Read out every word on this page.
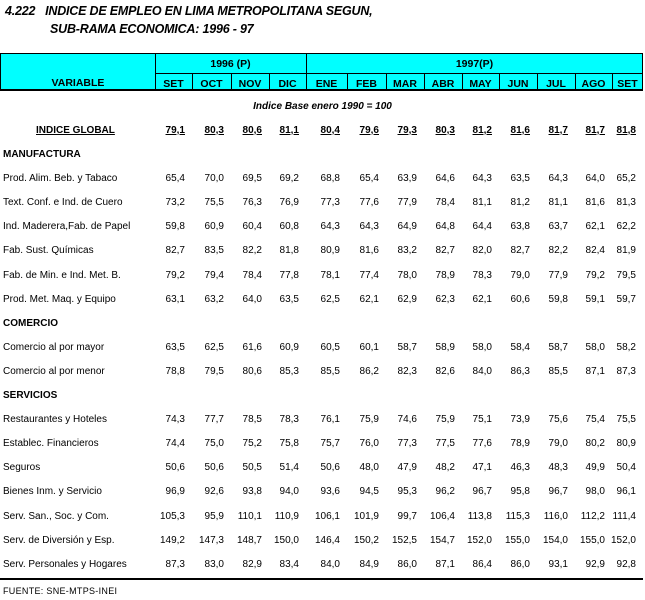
4.222   INDICE DE EMPLEO EN LIMA METROPOLITANA SEGUN,
SUB-RAMA ECONOMICA: 1996 - 97
VARIABLE
1996 (P)
SET	OCT	NOV	DIC
1997(P)
ENE	FEB	MAR	ABR	MAY	JUN	JUL	AGO	SET
Indice Base enero 1990 = 100
INDICE GLOBAL	79,1	80,3	80,6	81,1	80,4	79,6	79,3	80,3	81,2	81,6	81,7	81,7	81,8
MANUFACTURA
Prod. Alim. Beb. y Tabaco	65,4	70,0	69,5	69,2	68,8	65,4	63,9	64,6	64,3	63,5	64,3	64,0	65,2
Text. Conf. e Ind. de Cuero	73,2	75,5	76,3	76,9	77,3	77,6	77,9	78,4	81,1	81,2	81,1	81,6	81,3
Ind. Maderera,Fab. de Papel	59,8	60,9	60,4	60,8	64,3	64,3	64,9	64,8	64,4	63,8	63,7	62,1	62,2
Fab. Sust. Químicas	82,7	83,5	82,2	81,8	80,9	81,6	83,2	82,7	82,0	82,7	82,2	82,4	81,9
Fab. de Min. e Ind. Met. B.	79,2	79,4	78,4	77,8	78,1	77,4	78,0	78,9	78,3	79,0	77,9	79,2	79,5
Prod. Met. Maq. y Equipo	63,1	63,2	64,0	63,5	62,5	62,1	62,9	62,3	62,1	60,6	59,8	59,1	59,7
COMERCIO
Comercio al por mayor	63,5	62,5	61,6	60,9	60,5	60,1	58,7	58,9	58,0	58,4	58,7	58,0	58,2
Comercio al por menor	78,8	79,5	80,6	85,3	85,5	86,2	82,3	82,6	84,0	86,3	85,5	87,1	87,3
SERVICIOS
Restaurantes y Hoteles	74,3	77,7	78,5	78,3	76,1	75,9	74,6	75,9	75,1	73,9	75,6	75,4	75,5
Establec. Financieros	74,4	75,0	75,2	75,8	75,7	76,0	77,3	77,5	77,6	78,9	79,0	80,2	80,9
Seguros	50,6	50,6	50,5	51,4	50,6	48,0	47,9	48,2	47,1	46,3	48,3	49,9	50,4
Bienes Inm. y Servicio	96,9	92,6	93,8	94,0	93,6	94,5	95,3	96,2	96,7	95,8	96,7	98,0	96,1
Serv. San., Soc. y Com.	105,3	95,9	110,1	110,9	106,1	101,9	99,7	106,4	113,8	115,3	116,0	112,2 111,4
Serv. de Diversión y Esp.	149,2	147,3	148,7	150,0	146,4	150,2	152,5	154,7	152,0	155,0	154,0	155,0 152,0
Serv. Personales y Hogares	87,3	83,0	82,9	83,4	84,0	84,9	86,0	87,1	86,4	86,0	93,1	92,9	92,8
FUENTE: SNE-MTPS-INEI
